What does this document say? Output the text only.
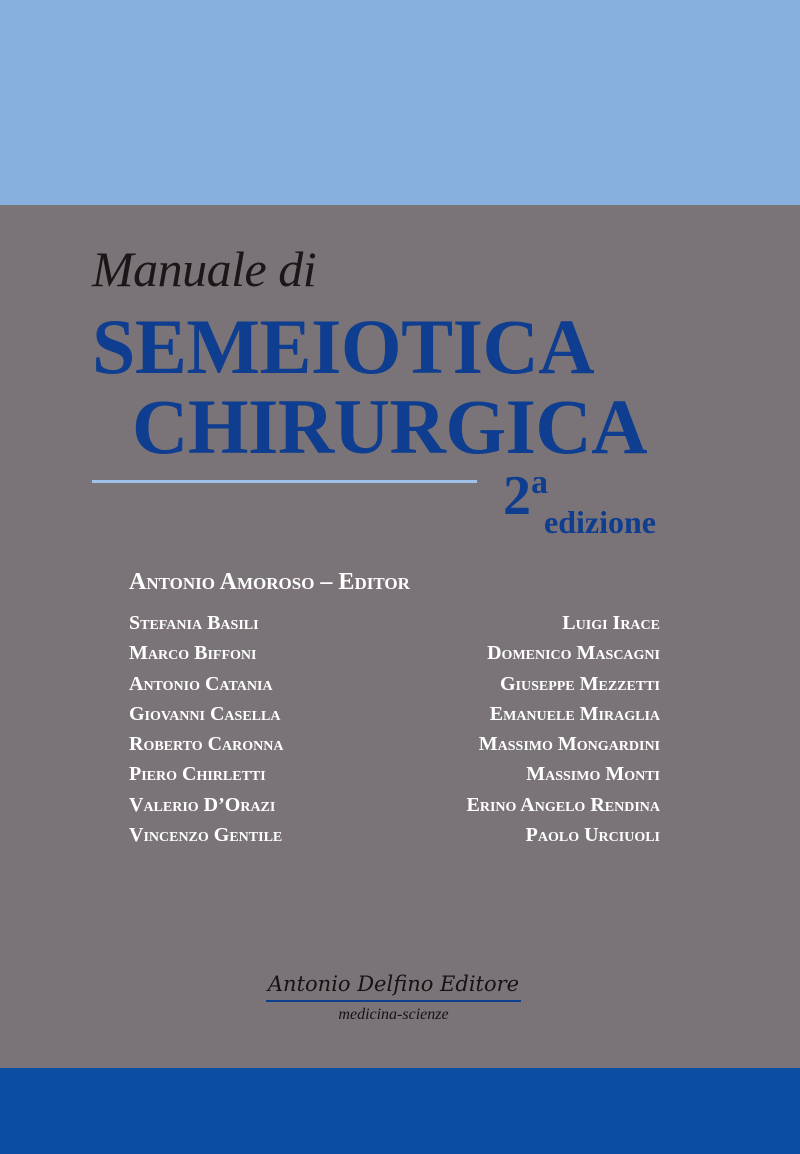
Manuale di
SEMEIOTICA
CHIRURGICA
2a
edizione
Antonio Amoroso – Editor
Stefania Basili
Marco Biffoni
Antonio Catania
Giovanni Casella
Roberto Caronna
Piero Chirletti
Valerio D’Orazi
Vincenzo Gentile
Luigi Irace
Domenico Mascagni
Giuseppe Mezzetti
Emanuele Miraglia
Massimo Mongardini
Massimo Monti
Erino Angelo Rendina
Paolo Urciuoli
Antonio Delfino Editore
medicina-scienze
